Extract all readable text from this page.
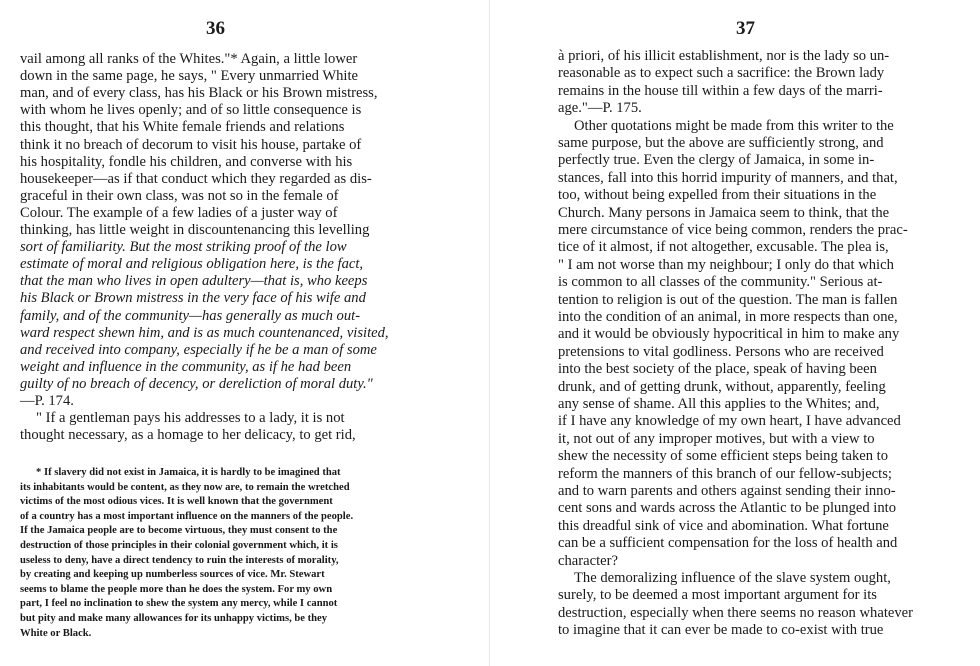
36
vail among all ranks of the Whites."* Again, a little lower
down in the same page, he says, " Every unmarried White
man, and of every class, has his Black or his Brown mistress,
with whom he lives openly; and of so little consequence is
this thought, that his White female friends and relations
think it no breach of decorum to visit his house, partake of
his hospitality, fondle his children, and converse with his
housekeeper—as if that conduct which they regarded as dis-
graceful in their own class, was not so in the female of
Colour. The example of a few ladies of a juster way of
thinking, has little weight in discountenancing this levelling
sort of familiarity. But the most striking proof of the low
estimate of moral and religious obligation here, is the fact,
that the man who lives in open adultery—that is, who keeps
his Black or Brown mistress in the very face of his wife and
family, and of the community—has generally as much out-
ward respect shewn him, and is as much countenanced, visited,
and received into company, especially if he be a man of some
weight and influence in the community, as if he had been
guilty of no breach of decency, or dereliction of moral duty."
—P. 174.
" If a gentleman pays his addresses to a lady, it is not
thought necessary, as a homage to her delicacy, to get rid,
* If slavery did not exist in Jamaica, it is hardly to be imagined that
its inhabitants would be content, as they now are, to remain the wretched
victims of the most odious vices. It is well known that the government
of a country has a most important influence on the manners of the people.
If the Jamaica people are to become virtuous, they must consent to the
destruction of those principles in their colonial government which, it is
useless to deny, have a direct tendency to ruin the interests of morality,
by creating and keeping up numberless sources of vice. Mr. Stewart
seems to blame the people more than he does the system. For my own
part, I feel no inclination to shew the system any mercy, while I cannot
but pity and make many allowances for its unhappy victims, be they
White or Black.
37
à priori, of his illicit establishment, nor is the lady so un-
reasonable as to expect such a sacrifice: the Brown lady
remains in the house till within a few days of the marri-
age."—P. 175.
Other quotations might be made from this writer to the
same purpose, but the above are sufficiently strong, and
perfectly true. Even the clergy of Jamaica, in some in-
stances, fall into this horrid impurity of manners, and that,
too, without being expelled from their situations in the
Church. Many persons in Jamaica seem to think, that the
mere circumstance of vice being common, renders the prac-
tice of it almost, if not altogether, excusable. The plea is,
" I am not worse than my neighbour; I only do that which
is common to all classes of the community." Serious at-
tention to religion is out of the question. The man is fallen
into the condition of an animal, in more respects than one,
and it would be obviously hypocritical in him to make any
pretensions to vital godliness. Persons who are received
into the best society of the place, speak of having been
drunk, and of getting drunk, without, apparently, feeling
any sense of shame. All this applies to the Whites; and,
if I have any knowledge of my own heart, I have advanced
it, not out of any improper motives, but with a view to
shew the necessity of some efficient steps being taken to
reform the manners of this branch of our fellow-subjects;
and to warn parents and others against sending their inno-
cent sons and wards across the Atlantic to be plunged into
this dreadful sink of vice and abomination. What fortune
can be a sufficient compensation for the loss of health and
character?
The demoralizing influence of the slave system ought,
surely, to be deemed a most important argument for its
destruction, especially when there seems no reason whatever
to imagine that it can ever be made to co-exist with true
